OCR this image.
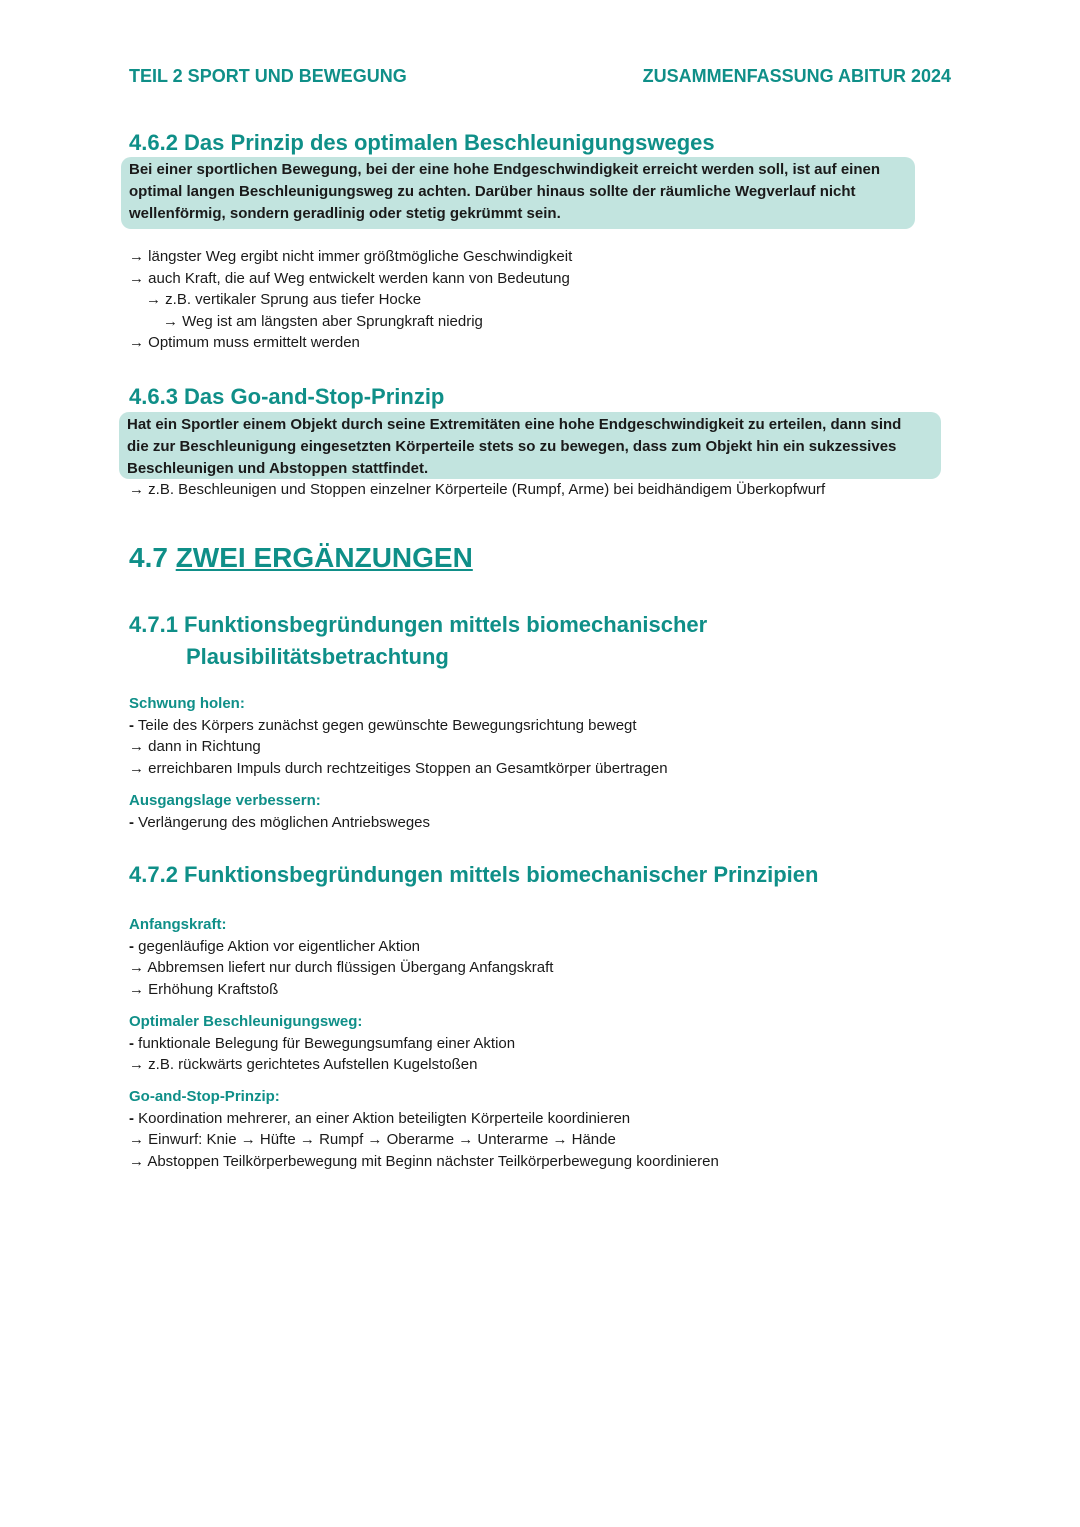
TEIL 2 SPORT UND BEWEGUNG	ZUSAMMENFASSUNG ABITUR 2024
4.6.2 Das Prinzip des optimalen Beschleunigungsweges
Bei einer sportlichen Bewegung, bei der eine hohe Endgeschwindigkeit erreicht werden soll, ist auf einen
optimal langen Beschleunigungsweg zu achten. Darüber hinaus sollte der räumliche Wegverlauf nicht
wellenförmig, sondern geradlinig oder stetig gekrümmt sein.
→ längster Weg ergibt nicht immer größtmögliche Geschwindigkeit
→ auch Kraft, die auf Weg entwickelt werden kann von Bedeutung
→ z.B. vertikaler Sprung aus tiefer Hocke
→ Weg ist am längsten aber Sprungkraft niedrig
→ Optimum muss ermittelt werden
4.6.3 Das Go-and-Stop-Prinzip
Hat ein Sportler einem Objekt durch seine Extremitäten eine hohe Endgeschwindigkeit zu erteilen, dann sind
die zur Beschleunigung eingesetzten Körperteile stets so zu bewegen, dass zum Objekt hin ein sukzessives
Beschleunigen und Abstoppen stattfindet.
→ z.B. Beschleunigen und Stoppen einzelner Körperteile (Rumpf, Arme) bei beidhändigem Überkopfwurf
4.7 ZWEI ERGÄNZUNGEN
4.7.1 Funktionsbegründungen mittels biomechanischer
Plausibilitätsbetrachtung
Schwung holen:
- Teile des Körpers zunächst gegen gewünschte Bewegungsrichtung bewegt
→ dann in Richtung
→ erreichbaren Impuls durch rechtzeitiges Stoppen an Gesamtkörper übertragen
Ausgangslage verbessern:
- Verlängerung des möglichen Antriebsweges
4.7.2 Funktionsbegründungen mittels biomechanischer Prinzipien
Anfangskraft:
- gegenläufige Aktion vor eigentlicher Aktion
→ Abbremsen liefert nur durch flüssigen Übergang Anfangskraft
→ Erhöhung Kraftstoß
Optimaler Beschleunigungsweg:
- funktionale Belegung für Bewegungsumfang einer Aktion
→ z.B. rückwärts gerichtetes Aufstellen Kugelstoßen
Go-and-Stop-Prinzip:
- Koordination mehrerer, an einer Aktion beteiligten Körperteile koordinieren
→ Einwurf: Knie → Hüfte → Rumpf → Oberarme → Unterarme → Hände
→ Abstoppen Teilkörperbewegung mit Beginn nächster Teilkörperbewegung koordinieren
